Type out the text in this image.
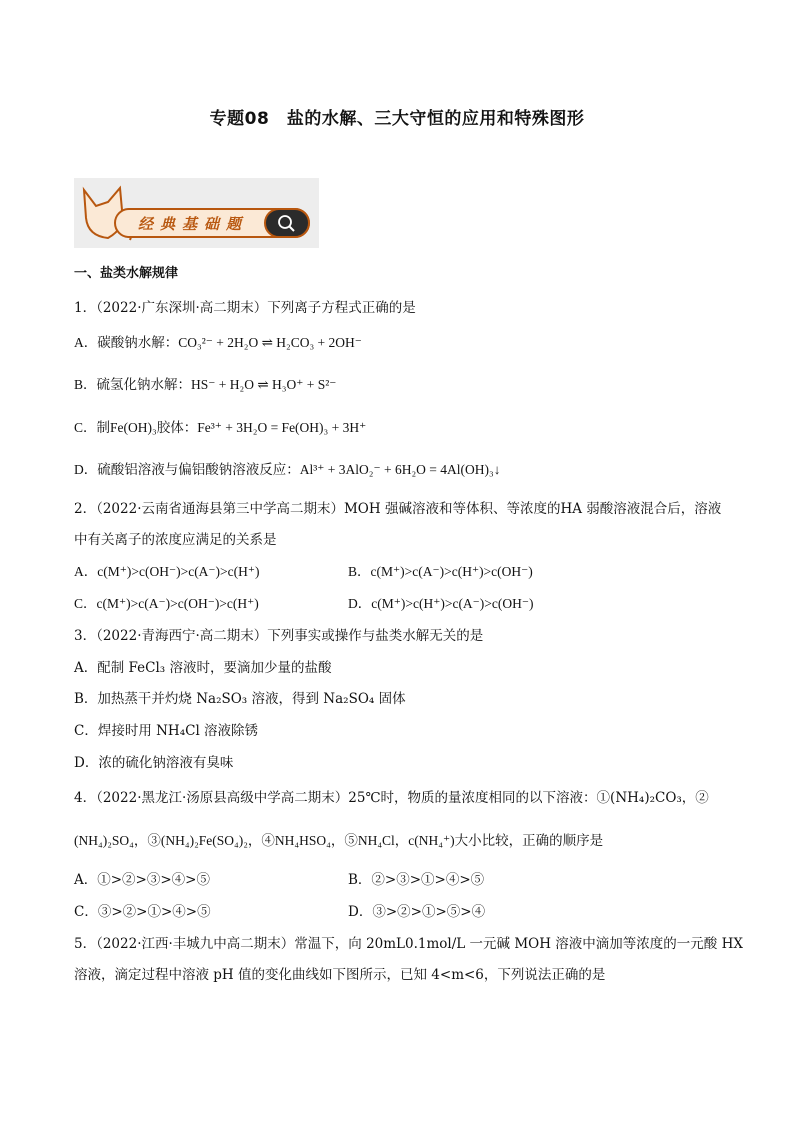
专题08　盐的水解、三大守恒的应用和特殊图形
经典基础题
一、盐类水解规律
1．（2022·广东深圳·高二期末）下列离子方程式正确的是
A．碳酸钠水解：CO₃²⁻ + 2H₂O ⇌ H₂CO₃ + 2OH⁻
B．硫氢化钠水解：HS⁻ + H₂O ⇌ H₃O⁺ + S²⁻
C．制Fe(OH)₃胶体：Fe³⁺ + 3H₂O = Fe(OH)₃ + 3H⁺
D．硫酸铝溶液与偏铝酸钠溶液反应：Al³⁺ + 3AlO₂⁻ + 6H₂O = 4Al(OH)₃↓
2．（2022·云南省通海县第三中学高二期末）MOH 强碱溶液和等体积、等浓度的HA 弱酸溶液混合后，溶液
中有关离子的浓度应满足的关系是
A．c(M⁺)>c(OH⁻)>c(A⁻)>c(H⁺)	B．c(M⁺)>c(A⁻)>c(H⁺)>c(OH⁻)
C．c(M⁺)>c(A⁻)>c(OH⁻)>c(H⁺)	D．c(M⁺)>c(H⁺)>c(A⁻)>c(OH⁻)
3．（2022·青海西宁·高二期末）下列事实或操作与盐类水解无关的是
A．配制 FeCl₃ 溶液时，要滴加少量的盐酸
B．加热蒸干并灼烧 Na₂SO₃ 溶液，得到 Na₂SO₄ 固体
C．焊接时用 NH₄Cl 溶液除锈
D．浓的硫化钠溶液有臭味
4．（2022·黑龙江·汤原县高级中学高二期末）25℃时，物质的量浓度相同的以下溶液：①(NH₄)₂CO₃，②
(NH₄)₂SO₄，③(NH₄)₂Fe(SO₄)₂，④NH₄HSO₄，⑤NH₄Cl，c(NH₄⁺)大小比较，正确的顺序是
A．①>②>③>④>⑤	B．②>③>①>④>⑤
C．③>②>①>④>⑤	D．③>②>①>⑤>④
5．（2022·江西·丰城九中高二期末）常温下，向 20mL0.1mol/L 一元碱 MOH 溶液中滴加等浓度的一元酸 HX
溶液，滴定过程中溶液 pH 值的变化曲线如下图所示，已知 4<m<6，下列说法正确的是
